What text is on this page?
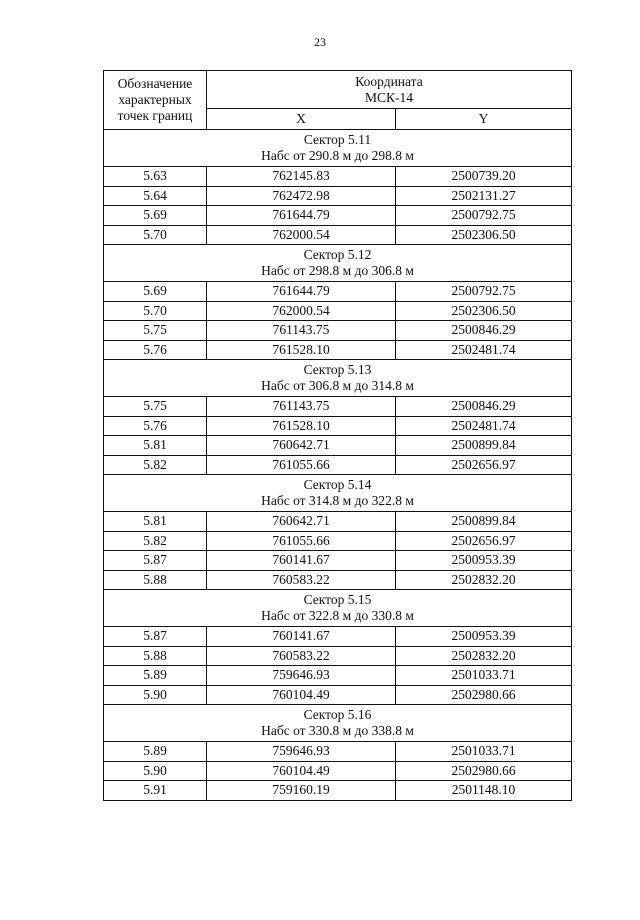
23
Обозначение
характерных
точек границ	Координата
МСК-14	

	X	Y

Сектор 5.11
Набс от 290.8 м до 298.8 м		

5.63	762145.83	2500739.20
5.64	762472.98	2502131.27
5.69	761644.79	2500792.75
5.70	762000.54	2502306.50

Сектор 5.12
Набс от 298.8 м до 306.8 м		

5.69	761644.79	2500792.75
5.70	762000.54	2502306.50
5.75	761143.75	2500846.29
5.76	761528.10	2502481.74

Сектор 5.13
Набс от 306.8 м до 314.8 м		

5.75	761143.75	2500846.29
5.76	761528.10	2502481.74
5.81	760642.71	2500899.84
5.82	761055.66	2502656.97

Сектор 5.14
Набс от 314.8 м до 322.8 м		

5.81	760642.71	2500899.84
5.82	761055.66	2502656.97
5.87	760141.67	2500953.39
5.88	760583.22	2502832.20

Сектор 5.15
Набс от 322.8 м до 330.8 м		

5.87	760141.67	2500953.39
5.88	760583.22	2502832.20
5.89	759646.93	2501033.71
5.90	760104.49	2502980.66

Сектор 5.16
Набс от 330.8 м до 338.8 м		

5.89	759646.93	2501033.71
5.90	760104.49	2502980.66
5.91	759160.19	2501148.10
